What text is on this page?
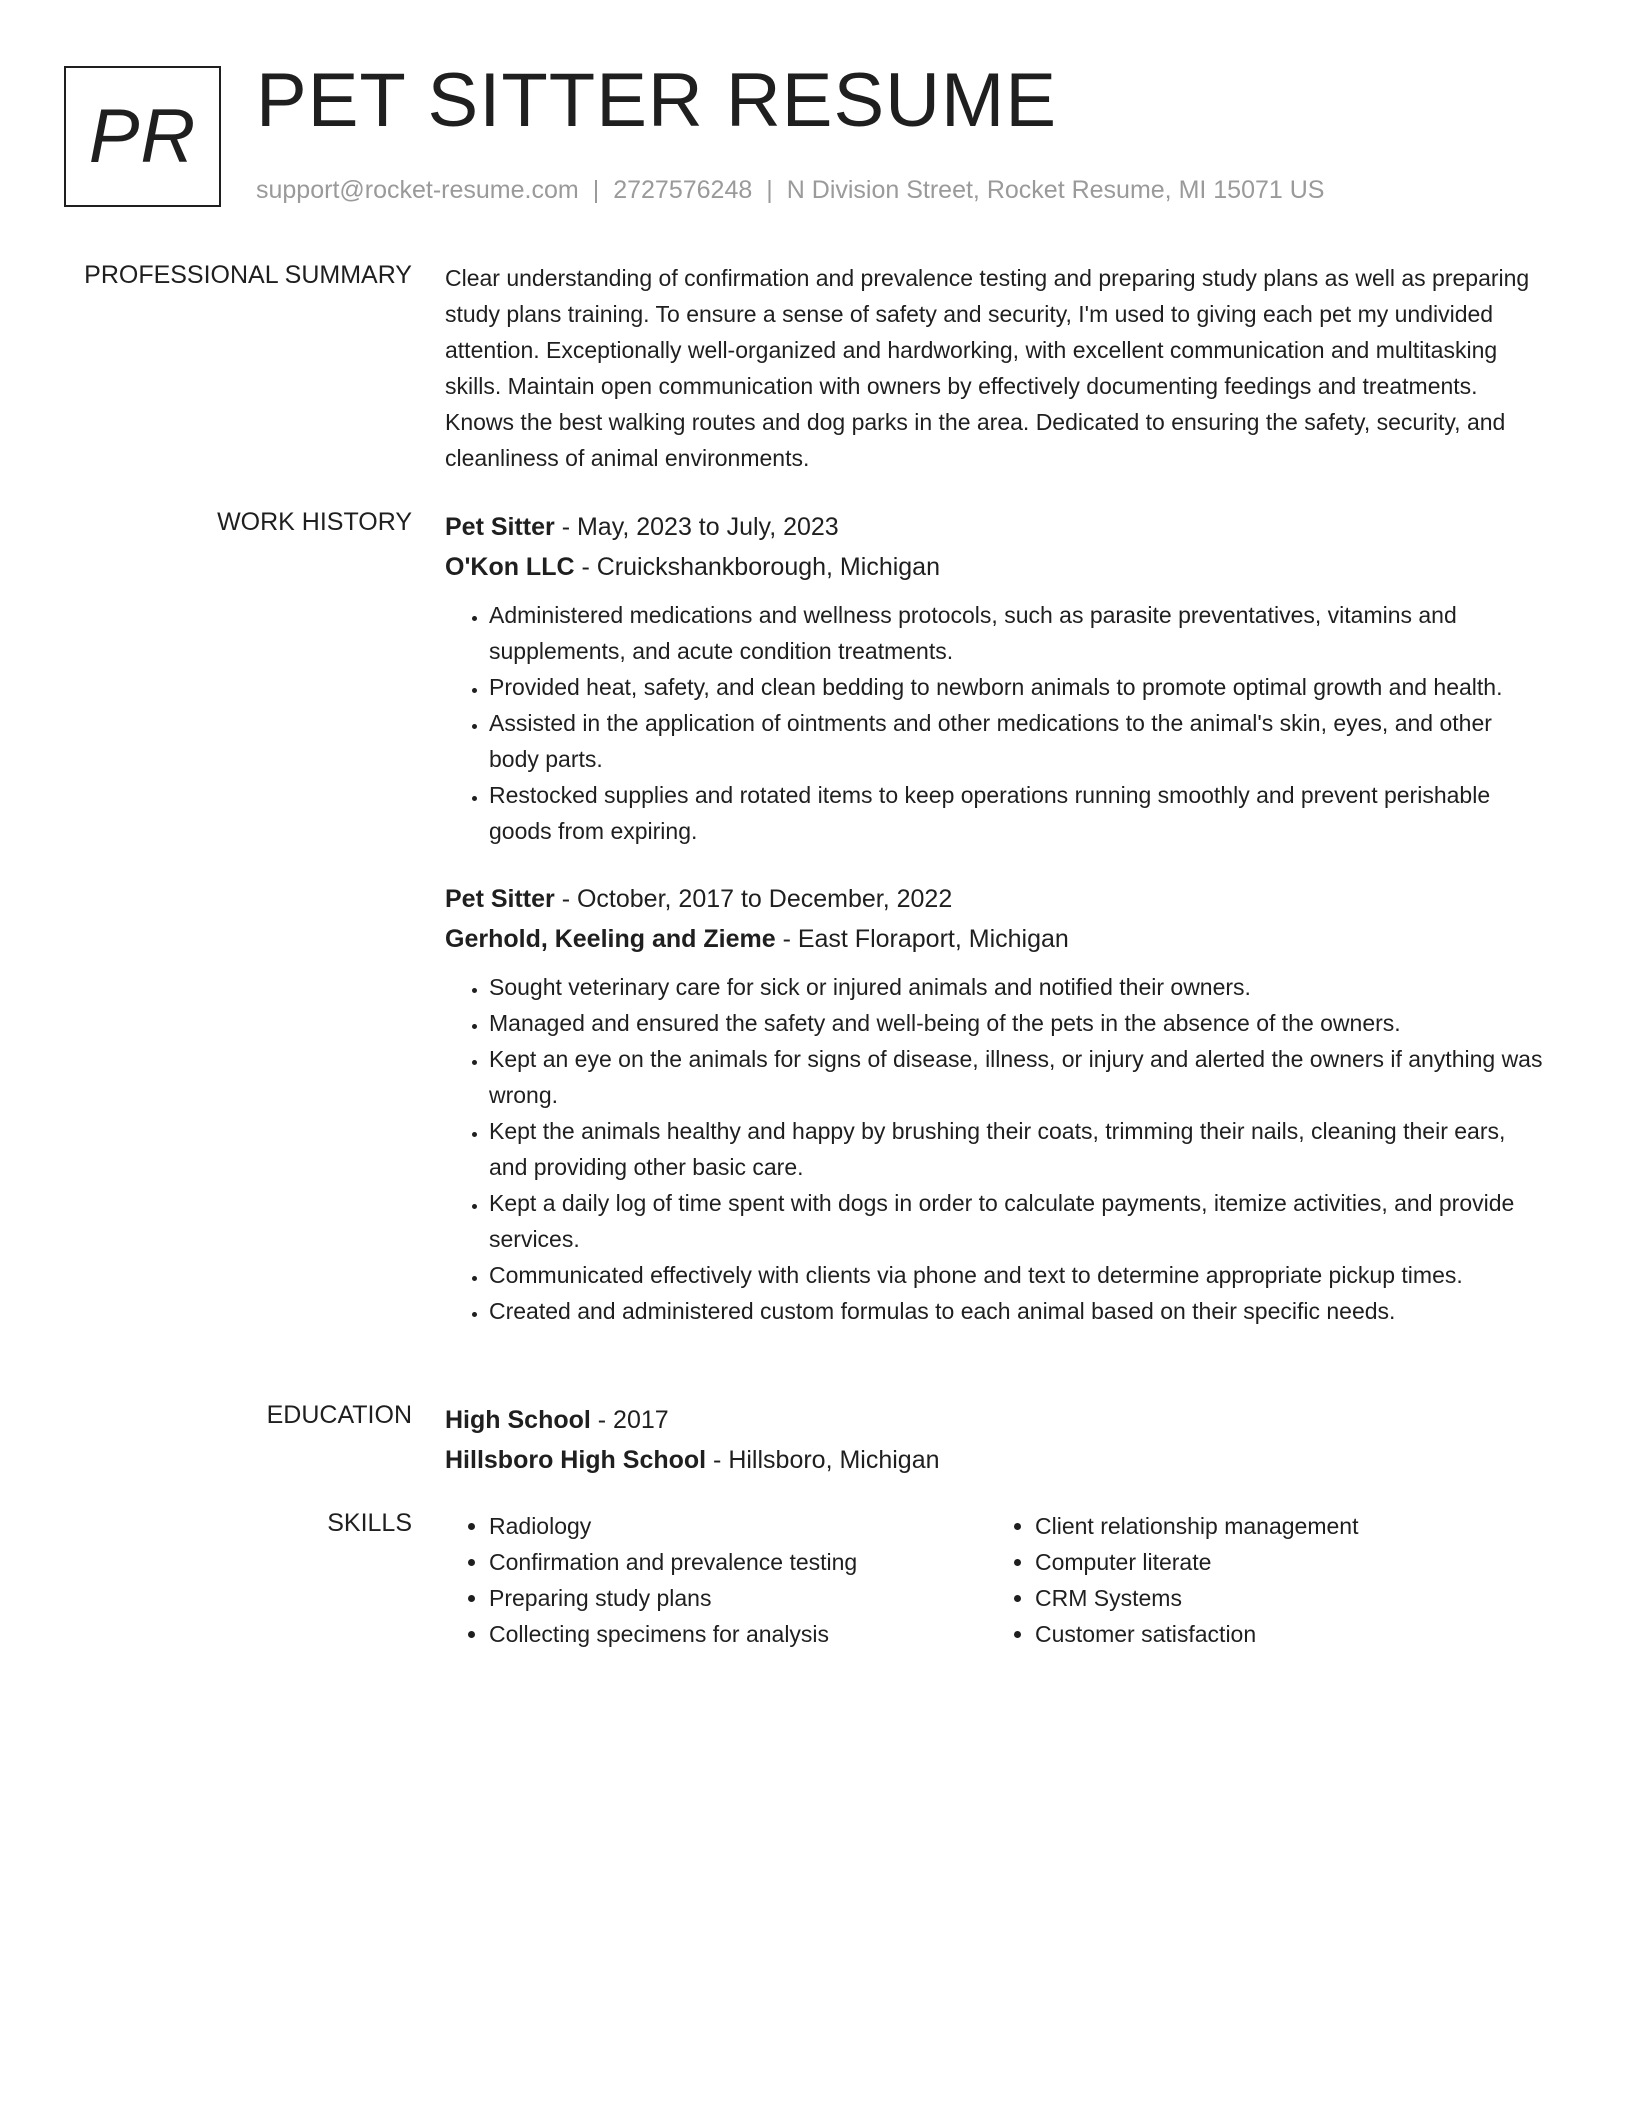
PR PET SITTER RESUME
support@rocket-resume.com | 2727576248 | N Division Street, Rocket Resume, MI 15071 US
PROFESSIONAL SUMMARY Clear understanding of confirmation and prevalence testing and preparing study plans as well as preparing study plans training. To ensure a sense of safety and security, I'm used to giving each pet my undivided attention. Exceptionally well-organized and hardworking, with excellent communication and multitasking skills. Maintain open communication with owners by effectively documenting feedings and treatments. Knows the best walking routes and dog parks in the area. Dedicated to ensuring the safety, security, and cleanliness of animal environments.

WORK HISTORY Pet Sitter - May, 2023 to July, 2023
O'Kon LLC - Cruickshankborough, Michigan
• Administered medications and wellness protocols, such as parasite preventatives, vitamins and supplements, and acute condition treatments.
• Provided heat, safety, and clean bedding to newborn animals to promote optimal growth and health.
• Assisted in the application of ointments and other medications to the animal's skin, eyes, and other body parts.
• Restocked supplies and rotated items to keep operations running smoothly and prevent perishable goods from expiring.
Pet Sitter - October, 2017 to December, 2022
Gerhold, Keeling and Zieme - East Floraport, Michigan
• Sought veterinary care for sick or injured animals and notified their owners.
• Managed and ensured the safety and well-being of the pets in the absence of the owners.
• Kept an eye on the animals for signs of disease, illness, or injury and alerted the owners if anything was wrong.
• Kept the animals healthy and happy by brushing their coats, trimming their nails, cleaning their ears, and providing other basic care.
• Kept a daily log of time spent with dogs in order to calculate payments, itemize activities, and provide services.
• Communicated effectively with clients via phone and text to determine appropriate pickup times.
• Created and administered custom formulas to each animal based on their specific needs.
EDUCATION High School - 2017
Hillsboro High School - Hillsboro, Michigan
SKILLS
•	Radiology
• Confirmation and prevalence testing
• Preparing study plans
• Collecting specimens for analysis
• Client relationship management
• Computer literate
• CRM Systems
• Customer satisfaction
